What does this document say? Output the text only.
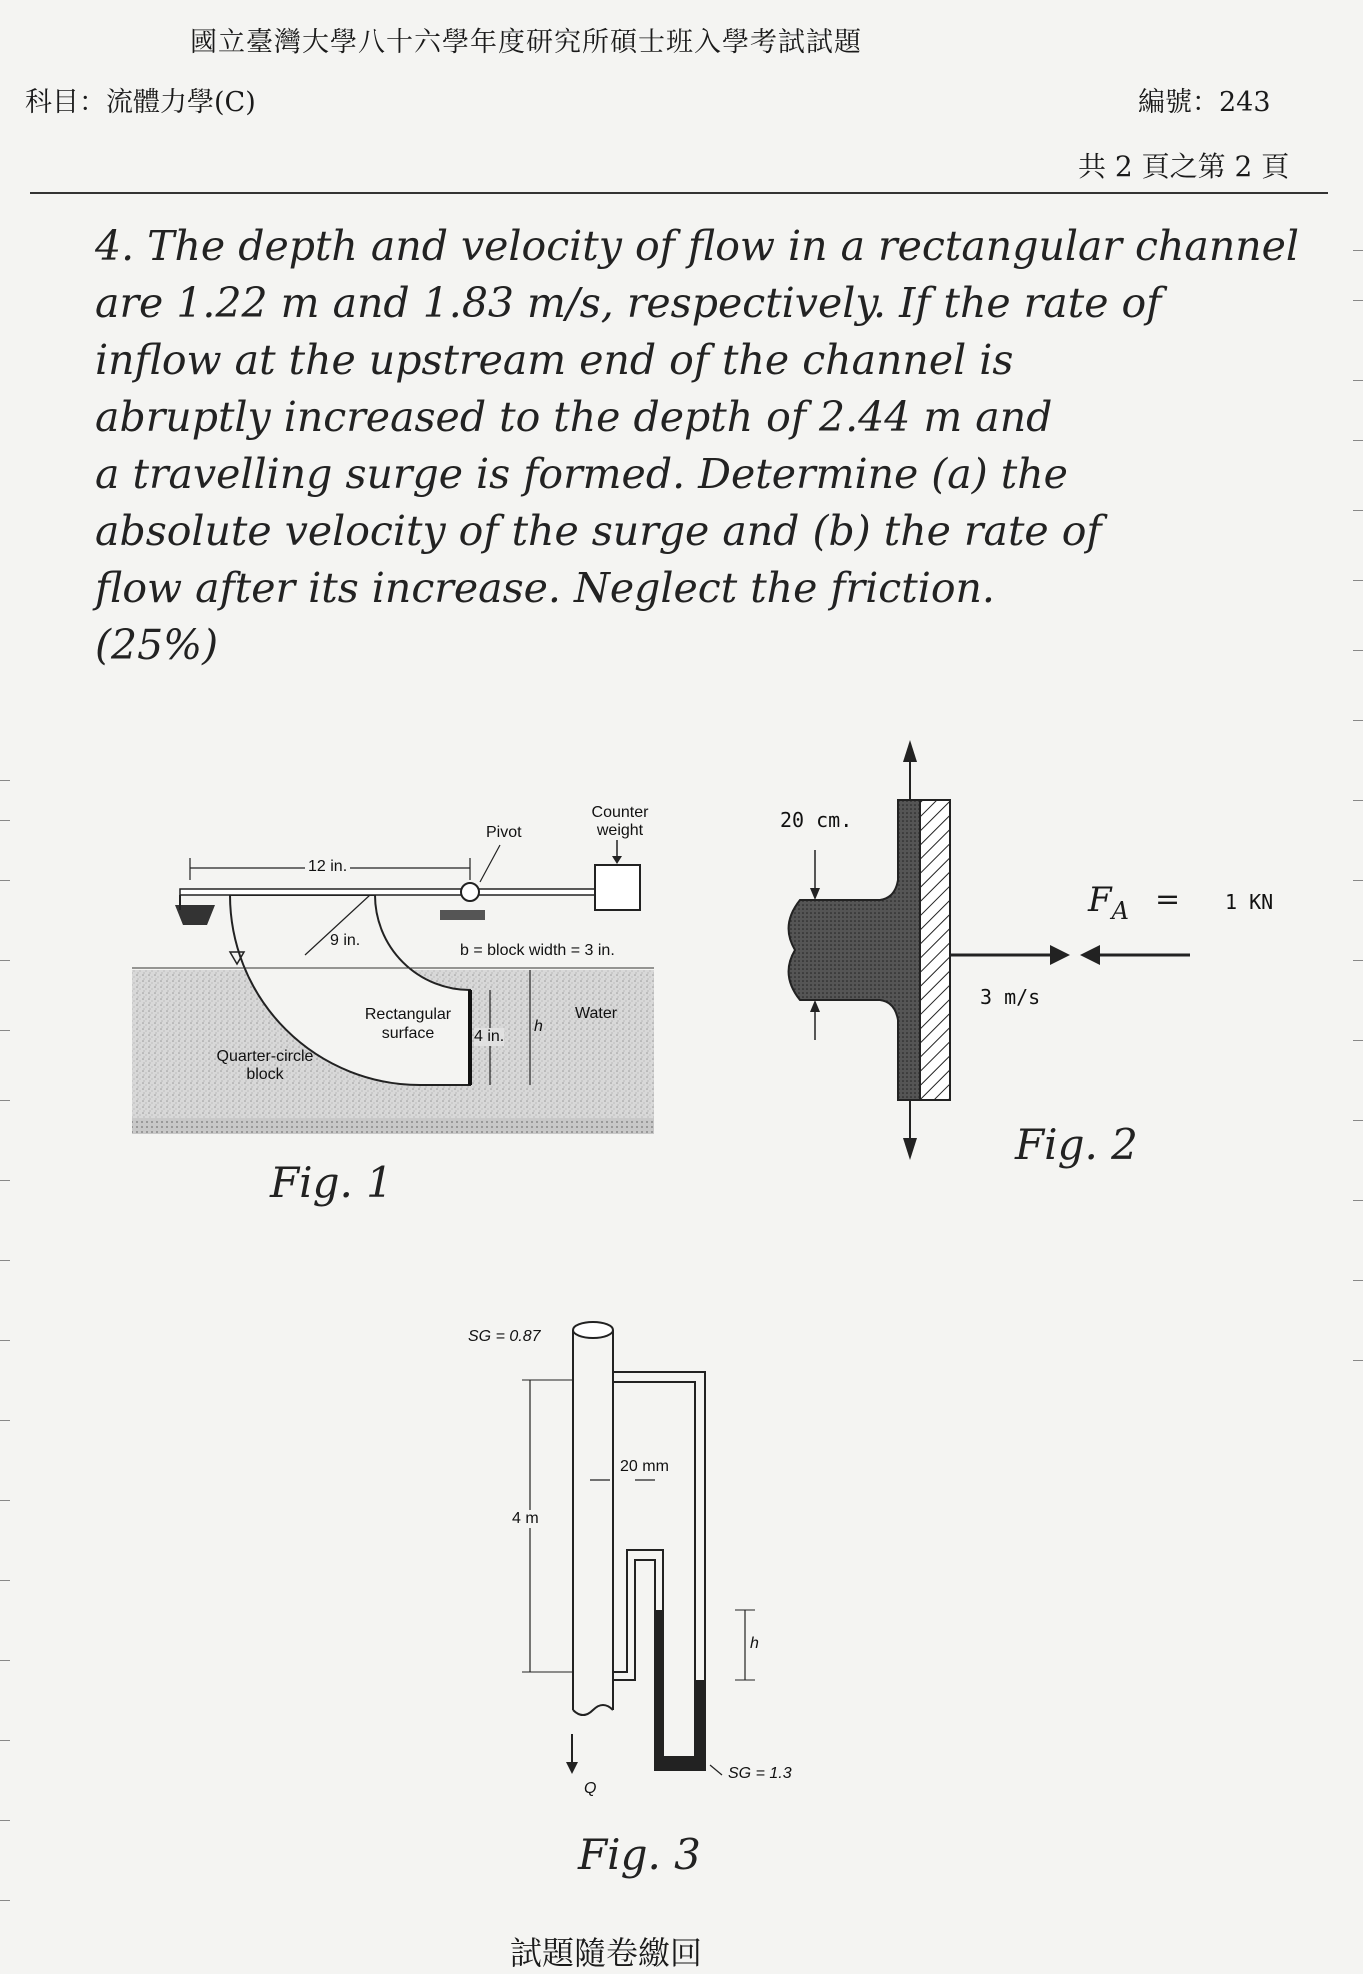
國立臺灣大學八十六學年度研究所碩士班入學考試試題
科目：流體力學(C)	編號：243
共 2 頁之第 2 頁
4. The depth and velocity of flow in a rectangular channel
are 1.22 m and 1.83 m/s, respectively. If the rate of
inflow at the upstream end of the channel is
abruptly increased to the depth of 2.44 m and
a travelling surge is formed. Determine (a) the
absolute velocity of the surge and (b) the rate of
flow after its increase. Neglect the friction.
(25%)
Counter weight
Pivot
12 in.
9 in.
b = block width = 3 in.
Rectangular surface	4 in.
h
Water
Quarter-circle block
Fig. 1
20 cm.
$F_A = 1$ KN
3 m/s
Fig. 2
SG = 0.87
20 mm
4 m
h
SG = 1.3
Q
Fig. 3
試題隨卷繳回
